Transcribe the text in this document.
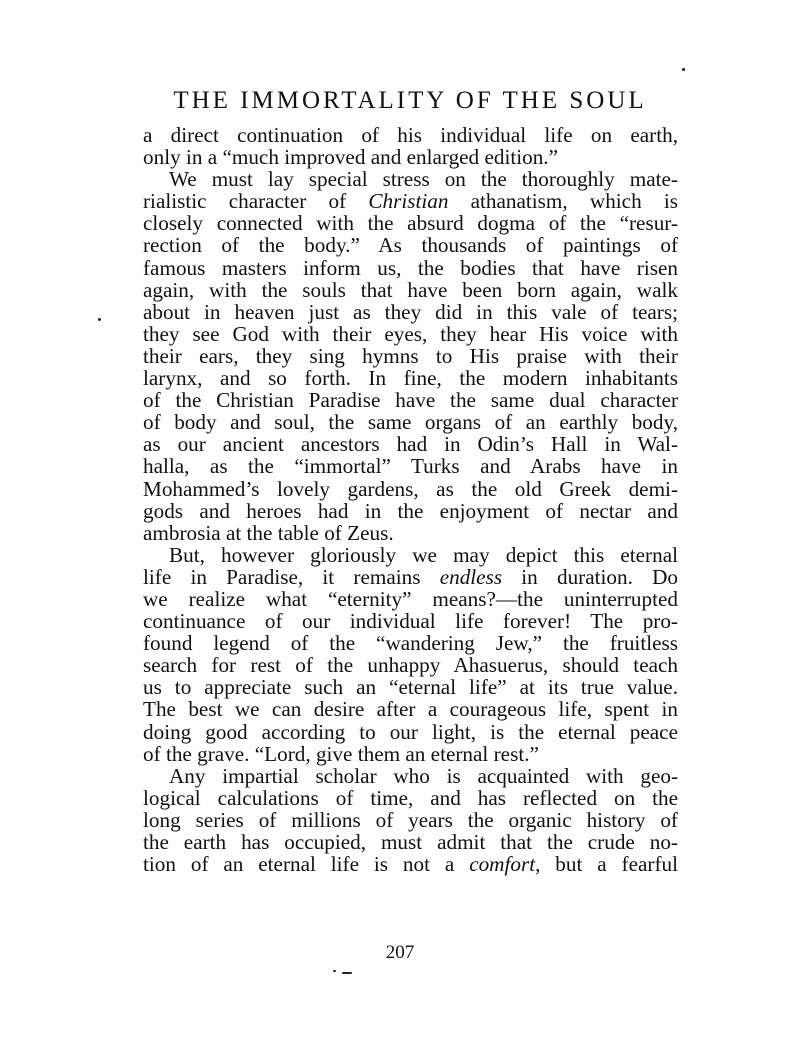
THE IMMORTALITY OF THE SOUL
a direct continuation of his individual life on earth,
only in a “much improved and enlarged edition.”
We must lay special stress on the thoroughly mate-
rialistic character of Christian athanatism, which is
closely connected with the absurd dogma of the “resur-
rection of the body.” As thousands of paintings of
famous masters inform us, the bodies that have risen
again, with the souls that have been born again, walk
about in heaven just as they did in this vale of tears;
they see God with their eyes, they hear His voice with
their ears, they sing hymns to His praise with their
larynx, and so forth. In fine, the modern inhabitants
of the Christian Paradise have the same dual character
of body and soul, the same organs of an earthly body,
as our ancient ancestors had in Odin’s Hall in Wal-
halla, as the “immortal” Turks and Arabs have in
Mohammed’s lovely gardens, as the old Greek demi-
gods and heroes had in the enjoyment of nectar and
ambrosia at the table of Zeus.
But, however gloriously we may depict this eternal
life in Paradise, it remains endless in duration. Do
we realize what “eternity” means?—the uninterrupted
continuance of our individual life forever! The pro-
found legend of the “wandering Jew,” the fruitless
search for rest of the unhappy Ahasuerus, should teach
us to appreciate such an “eternal life” at its true value.
The best we can desire after a courageous life, spent in
doing good according to our light, is the eternal peace
of the grave. “Lord, give them an eternal rest.”
Any impartial scholar who is acquainted with geo-
logical calculations of time, and has reflected on the
long series of millions of years the organic history of
the earth has occupied, must admit that the crude no-
tion of an eternal life is not a comfort, but a fearful
207
